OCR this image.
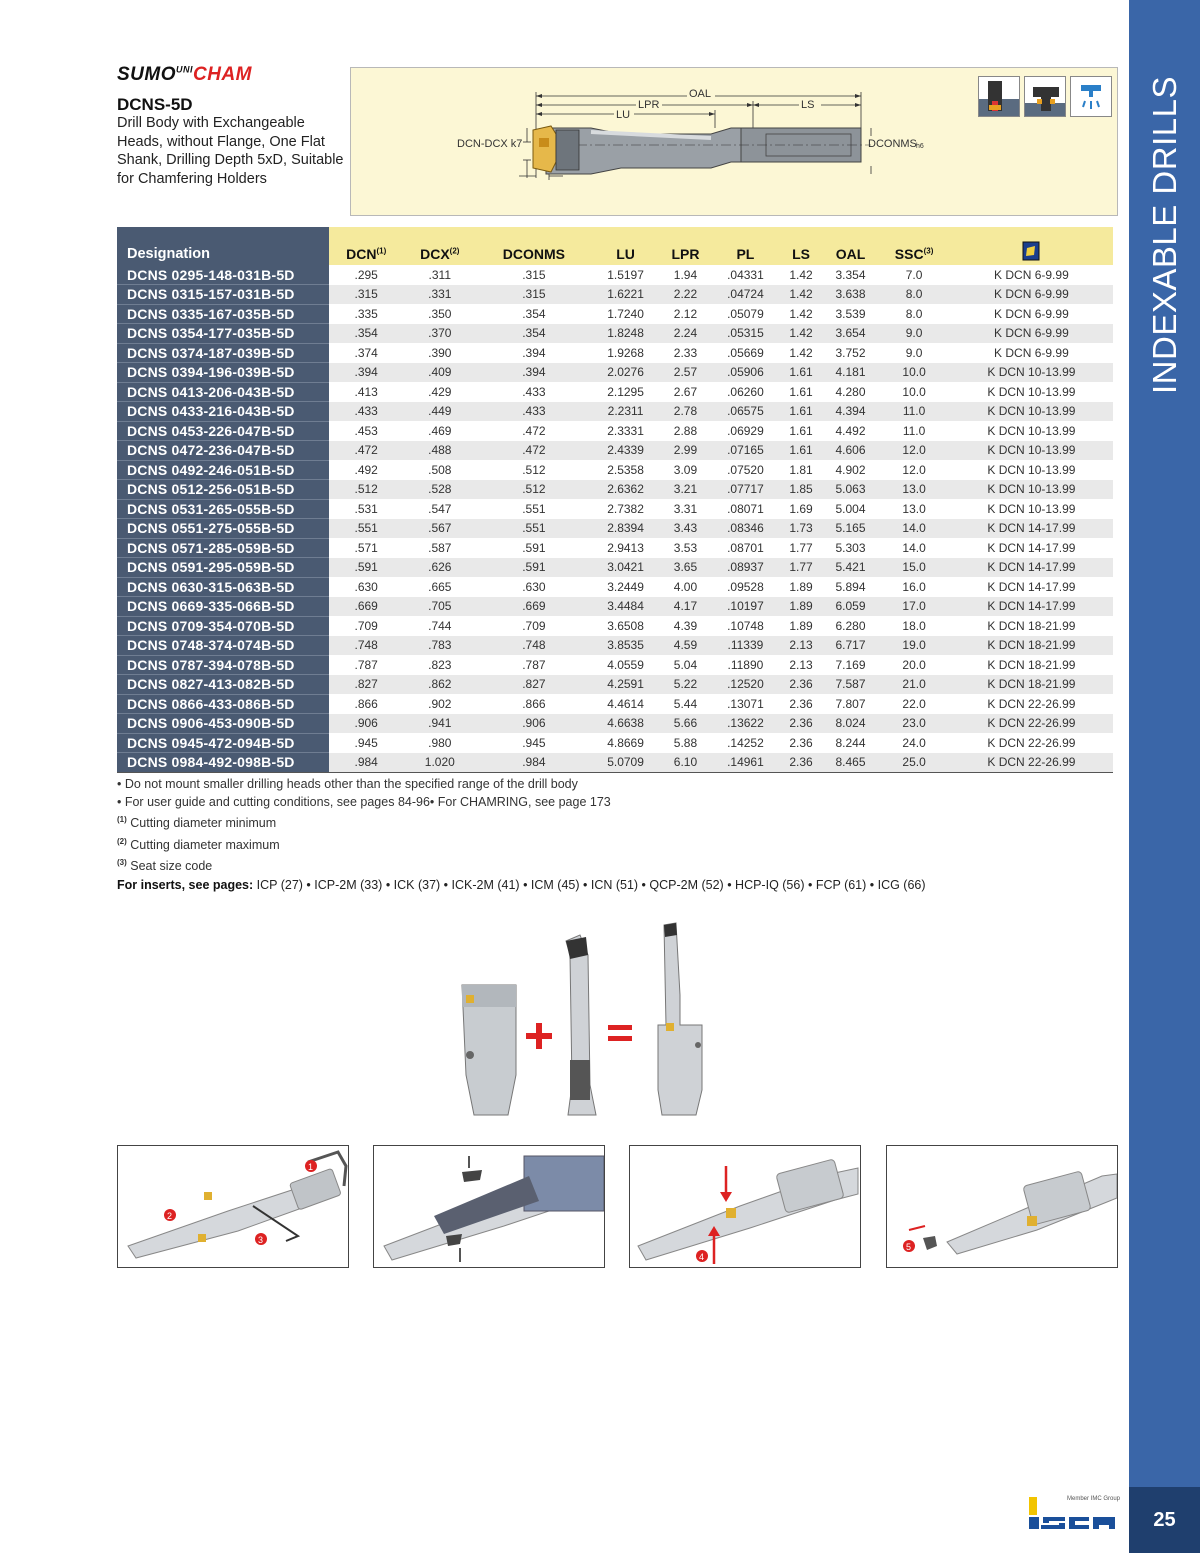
INDEXABLE DRILLS
25
$SUMO^{UNI}CHAM$
DCNS-5D
Drill Body with Exchangeable Heads, without Flange, One Flat Shank, Drilling Depth 5xD, Suitable for Chamfering Holders
OAL
LPR	LS
LU
DCN-DCX k7	DCONMS h6
Designation	DCN$^{(1)}$	DCX$^{(2)}$	DCONMS	LU	LPR	PL	LS	OAL	SSC$^{(3)}$	
DCNS 0295-148-031B-5D	.295	.311	.315	1.5197	1.94	.04331	1.42	3.354	7.0	K DCN 6-9.99
DCNS 0315-157-031B-5D	.315	.331	.315	1.6221	2.22	.04724	1.42	3.638	8.0	K DCN 6-9.99
DCNS 0335-167-035B-5D	.335	.350	.354	1.7240	2.12	.05079	1.42	3.539	8.0	K DCN 6-9.99
DCNS 0354-177-035B-5D	.354	.370	.354	1.8248	2.24	.05315	1.42	3.654	9.0	K DCN 6-9.99
DCNS 0374-187-039B-5D	.374	.390	.394	1.9268	2.33	.05669	1.42	3.752	9.0	K DCN 6-9.99
DCNS 0394-196-039B-5D	.394	.409	.394	2.0276	2.57	.05906	1.61	4.181	10.0	K DCN 10-13.99
DCNS 0413-206-043B-5D	.413	.429	.433	2.1295	2.67	.06260	1.61	4.280	10.0	K DCN 10-13.99
DCNS 0433-216-043B-5D	.433	.449	.433	2.2311	2.78	.06575	1.61	4.394	11.0	K DCN 10-13.99
DCNS 0453-226-047B-5D	.453	.469	.472	2.3331	2.88	.06929	1.61	4.492	11.0	K DCN 10-13.99
DCNS 0472-236-047B-5D	.472	.488	.472	2.4339	2.99	.07165	1.61	4.606	12.0	K DCN 10-13.99
DCNS 0492-246-051B-5D	.492	.508	.512	2.5358	3.09	.07520	1.81	4.902	12.0	K DCN 10-13.99
DCNS 0512-256-051B-5D	.512	.528	.512	2.6362	3.21	.07717	1.85	5.063	13.0	K DCN 10-13.99
DCNS 0531-265-055B-5D	.531	.547	.551	2.7382	3.31	.08071	1.69	5.004	13.0	K DCN 10-13.99
DCNS 0551-275-055B-5D	.551	.567	.551	2.8394	3.43	.08346	1.73	5.165	14.0	K DCN 14-17.99
DCNS 0571-285-059B-5D	.571	.587	.591	2.9413	3.53	.08701	1.77	5.303	14.0	K DCN 14-17.99
DCNS 0591-295-059B-5D	.591	.626	.591	3.0421	3.65	.08937	1.77	5.421	15.0	K DCN 14-17.99
DCNS 0630-315-063B-5D	.630	.665	.630	3.2449	4.00	.09528	1.89	5.894	16.0	K DCN 14-17.99
DCNS 0669-335-066B-5D	.669	.705	.669	3.4484	4.17	.10197	1.89	6.059	17.0	K DCN 14-17.99
DCNS 0709-354-070B-5D	.709	.744	.709	3.6508	4.39	.10748	1.89	6.280	18.0	K DCN 18-21.99
DCNS 0748-374-074B-5D	.748	.783	.748	3.8535	4.59	.11339	2.13	6.717	19.0	K DCN 18-21.99
DCNS 0787-394-078B-5D	.787	.823	.787	4.0559	5.04	.11890	2.13	7.169	20.0	K DCN 18-21.99
DCNS 0827-413-082B-5D	.827	.862	.827	4.2591	5.22	.12520	2.36	7.587	21.0	K DCN 18-21.99
DCNS 0866-433-086B-5D	.866	.902	.866	4.4614	5.44	.13071	2.36	7.807	22.0	K DCN 22-26.99
DCNS 0906-453-090B-5D	.906	.941	.906	4.6638	5.66	.13622	2.36	8.024	23.0	K DCN 22-26.99
DCNS 0945-472-094B-5D	.945	.980	.945	4.8669	5.88	.14252	2.36	8.244	24.0	K DCN 22-26.99
DCNS 0984-492-098B-5D	.984	1.020	.984	5.0709	6.10	.14961	2.36	8.465	25.0	K DCN 22-26.99
• Do not mount smaller drilling heads other than the specified range of the drill body
• For user guide and cutting conditions, see pages 84-96• For CHAMRING, see page 173
$^{(1)}$ Cutting diameter minimum
$^{(2)}$ Cutting diameter maximum
$^{(3)}$ Seat size code
For inserts, see pages: ICP (27) • ICP-2M (33) • ICK (37) • ICK-2M (41) • ICM (45) • ICN (51) • QCP-2M (52) • HCP-IQ (56) • FCP (61) • ICG (66)
2
1
3
4
5
Member IMC Group
